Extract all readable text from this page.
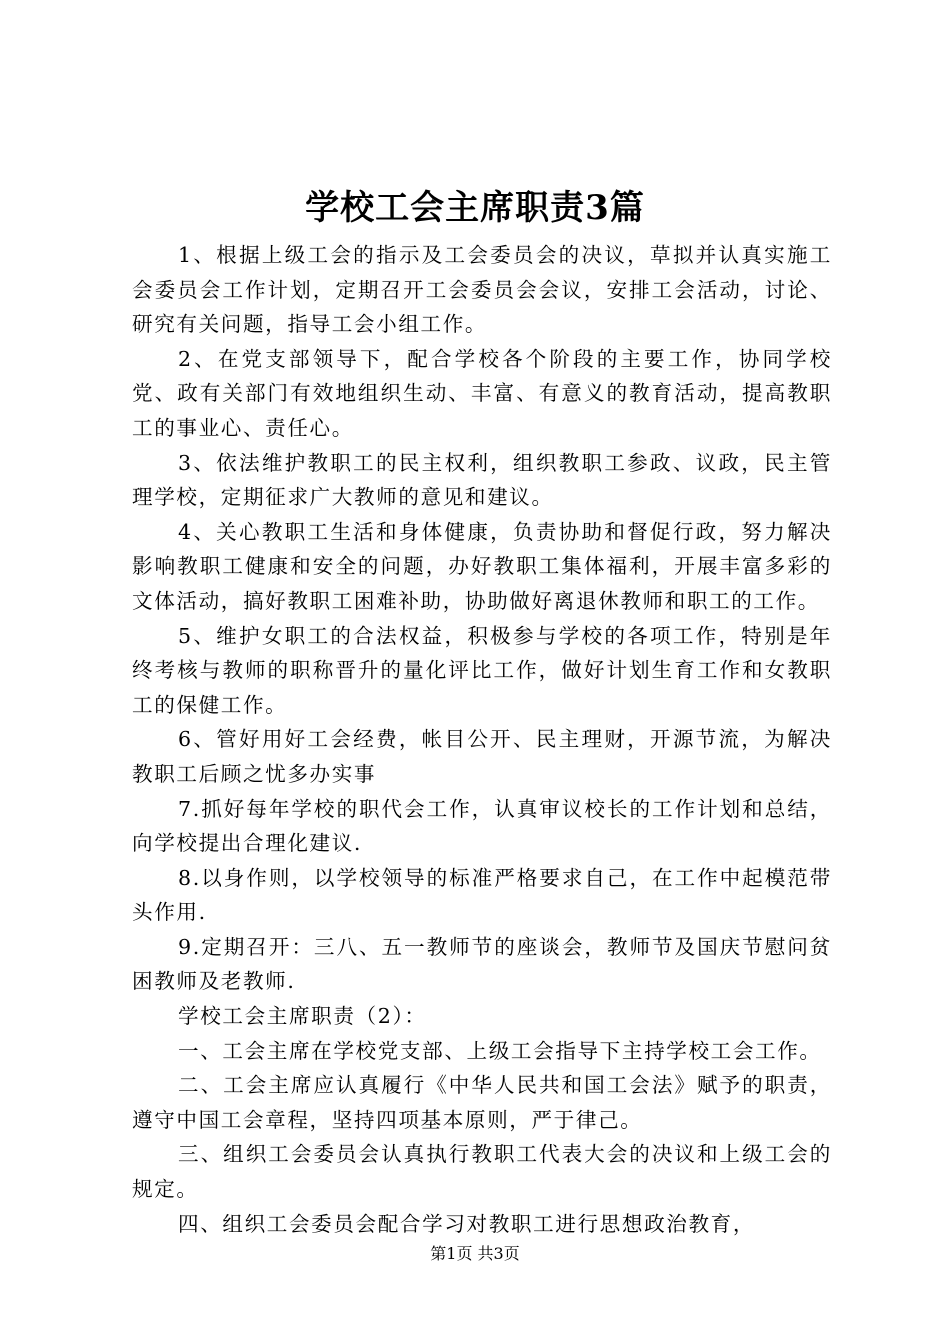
学校工会主席职责3篇

1、根据上级工会的指示及工会委员会的决议，草拟并认真实施工会委员会工作计划，定期召开工会委员会会议，安排工会活动，讨论、研究有关问题，指导工会小组工作。

2、在党支部领导下，配合学校各个阶段的主要工作，协同学校党、政有关部门有效地组织生动、丰富、有意义的教育活动，提高教职工的事业心、责任心。

3、依法维护教职工的民主权利，组织教职工参政、议政，民主管理学校，定期征求广大教师的意见和建议。

4、关心教职工生活和身体健康，负责协助和督促行政，努力解决影响教职工健康和安全的问题，办好教职工集体福利，开展丰富多彩的文体活动，搞好教职工困难补助，协助做好离退休教师和职工的工作。

5、维护女职工的合法权益，积极参与学校的各项工作，特别是年终考核与教师的职称晋升的量化评比工作，做好计划生育工作和女教职工的保健工作。

6、管好用好工会经费，帐目公开、民主理财，开源节流，为解决教职工后顾之忧多办实事

7.抓好每年学校的职代会工作，认真审议校长的工作计划和总结，向学校提出合理化建议.

8.以身作则，以学校领导的标准严格要求自己，在工作中起模范带头作用.

9.定期召开：三八、五一教师节的座谈会，教师节及国庆节慰问贫困教师及老教师.

学校工会主席职责（2）：

一、工会主席在学校党支部、上级工会指导下主持学校工会工作。

二、工会主席应认真履行《中华人民共和国工会法》赋予的职责，遵守中国工会章程，坚持四项基本原则，严于律己。

三、组织工会委员会认真执行教职工代表大会的决议和上级工会的规定。

四、组织工会委员会配合学习对教职工进行思想政治教育，

第1页 共3页
